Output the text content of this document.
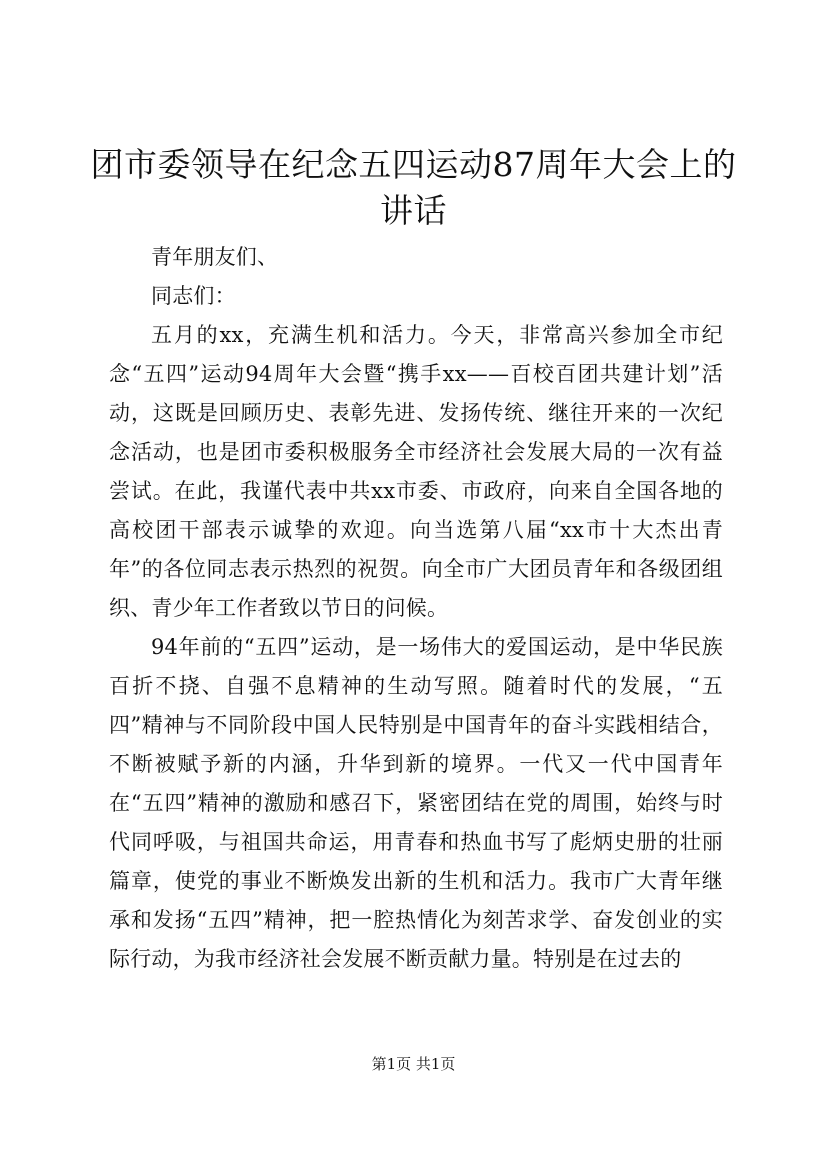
团市委领导在纪念五四运动87周年大会上的讲话

青年朋友们、

同志们：

五月的xx，充满生机和活力。今天，非常高兴参加全市纪念“五四”运动94周年大会暨“携手xx——百校百团共建计划”活动，这既是回顾历史、表彰先进、发扬传统、继往开来的一次纪念活动，也是团市委积极服务全市经济社会发展大局的一次有益尝试。在此，我谨代表中共xx市委、市政府，向来自全国各地的高校团干部表示诚挚的欢迎。向当选第八届“xx市十大杰出青年”的各位同志表示热烈的祝贺。向全市广大团员青年和各级团组织、青少年工作者致以节日的问候。

94年前的“五四”运动，是一场伟大的爱国运动，是中华民族百折不挠、自强不息精神的生动写照。随着时代的发展，“五四”精神与不同阶段中国人民特别是中国青年的奋斗实践相结合，不断被赋予新的内涵，升华到新的境界。一代又一代中国青年在“五四”精神的激励和感召下，紧密团结在党的周围，始终与时代同呼吸，与祖国共命运，用青春和热血书写了彪炳史册的壮丽篇章，使党的事业不断焕发出新的生机和活力。我市广大青年继承和发扬“五四”精神，把一腔热情化为刻苦求学、奋发创业的实际行动，为我市经济社会发展不断贡献力量。特别是在过去的

第1页 共1页
